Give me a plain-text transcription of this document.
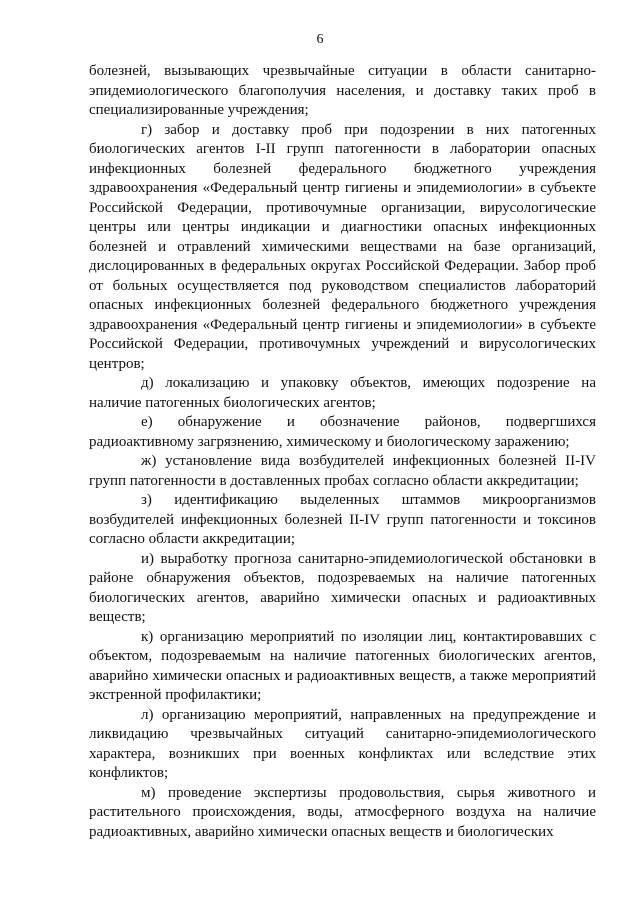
6

болезней, вызывающих чрезвычайные ситуации в области санитарно-эпидемиологического благополучия населения, и доставку таких проб в специализированные учреждения;

г) забор и доставку проб при подозрении в них патогенных биологических агентов I-II групп патогенности в лаборатории опасных инфекционных болезней федерального бюджетного учреждения здравоохранения «Федеральный центр гигиены и эпидемиологии» в субъекте Российской Федерации, противочумные организации, вирусологические центры или центры индикации и диагностики опасных инфекционных болезней и отравлений химическими веществами на базе организаций, дислоцированных в федеральных округах Российской Федерации. Забор проб от больных осуществляется под руководством специалистов лабораторий опасных инфекционных болезней федерального бюджетного учреждения здравоохранения «Федеральный центр гигиены и эпидемиологии» в субъекте Российской Федерации, противочумных учреждений и вирусологических центров;

д) локализацию и упаковку объектов, имеющих подозрение на наличие патогенных биологических агентов;

е) обнаружение и обозначение районов, подвергшихся радиоактивному загрязнению, химическому и биологическому заражению;

ж) установление вида возбудителей инфекционных болезней II-IV групп патогенности в доставленных пробах согласно области аккредитации;

з) идентификацию выделенных штаммов микроорганизмов возбудителей инфекционных болезней II-IV групп патогенности и токсинов согласно области аккредитации;

и) выработку прогноза санитарно-эпидемиологической обстановки в районе обнаружения объектов, подозреваемых на наличие патогенных биологических агентов, аварийно химически опасных и радиоактивных веществ;

к) организацию мероприятий по изоляции лиц, контактировавших с объектом, подозреваемым на наличие патогенных биологических агентов, аварийно химически опасных и радиоактивных веществ, а также мероприятий экстренной профилактики;

л) организацию мероприятий, направленных на предупреждение и ликвидацию чрезвычайных ситуаций санитарно-эпидемиологического характера, возникших при военных конфликтах или вследствие этих конфликтов;

м) проведение экспертизы продовольствия, сырья животного и растительного происхождения, воды, атмосферного воздуха на наличие радиоактивных, аварийно химически опасных веществ и биологических
